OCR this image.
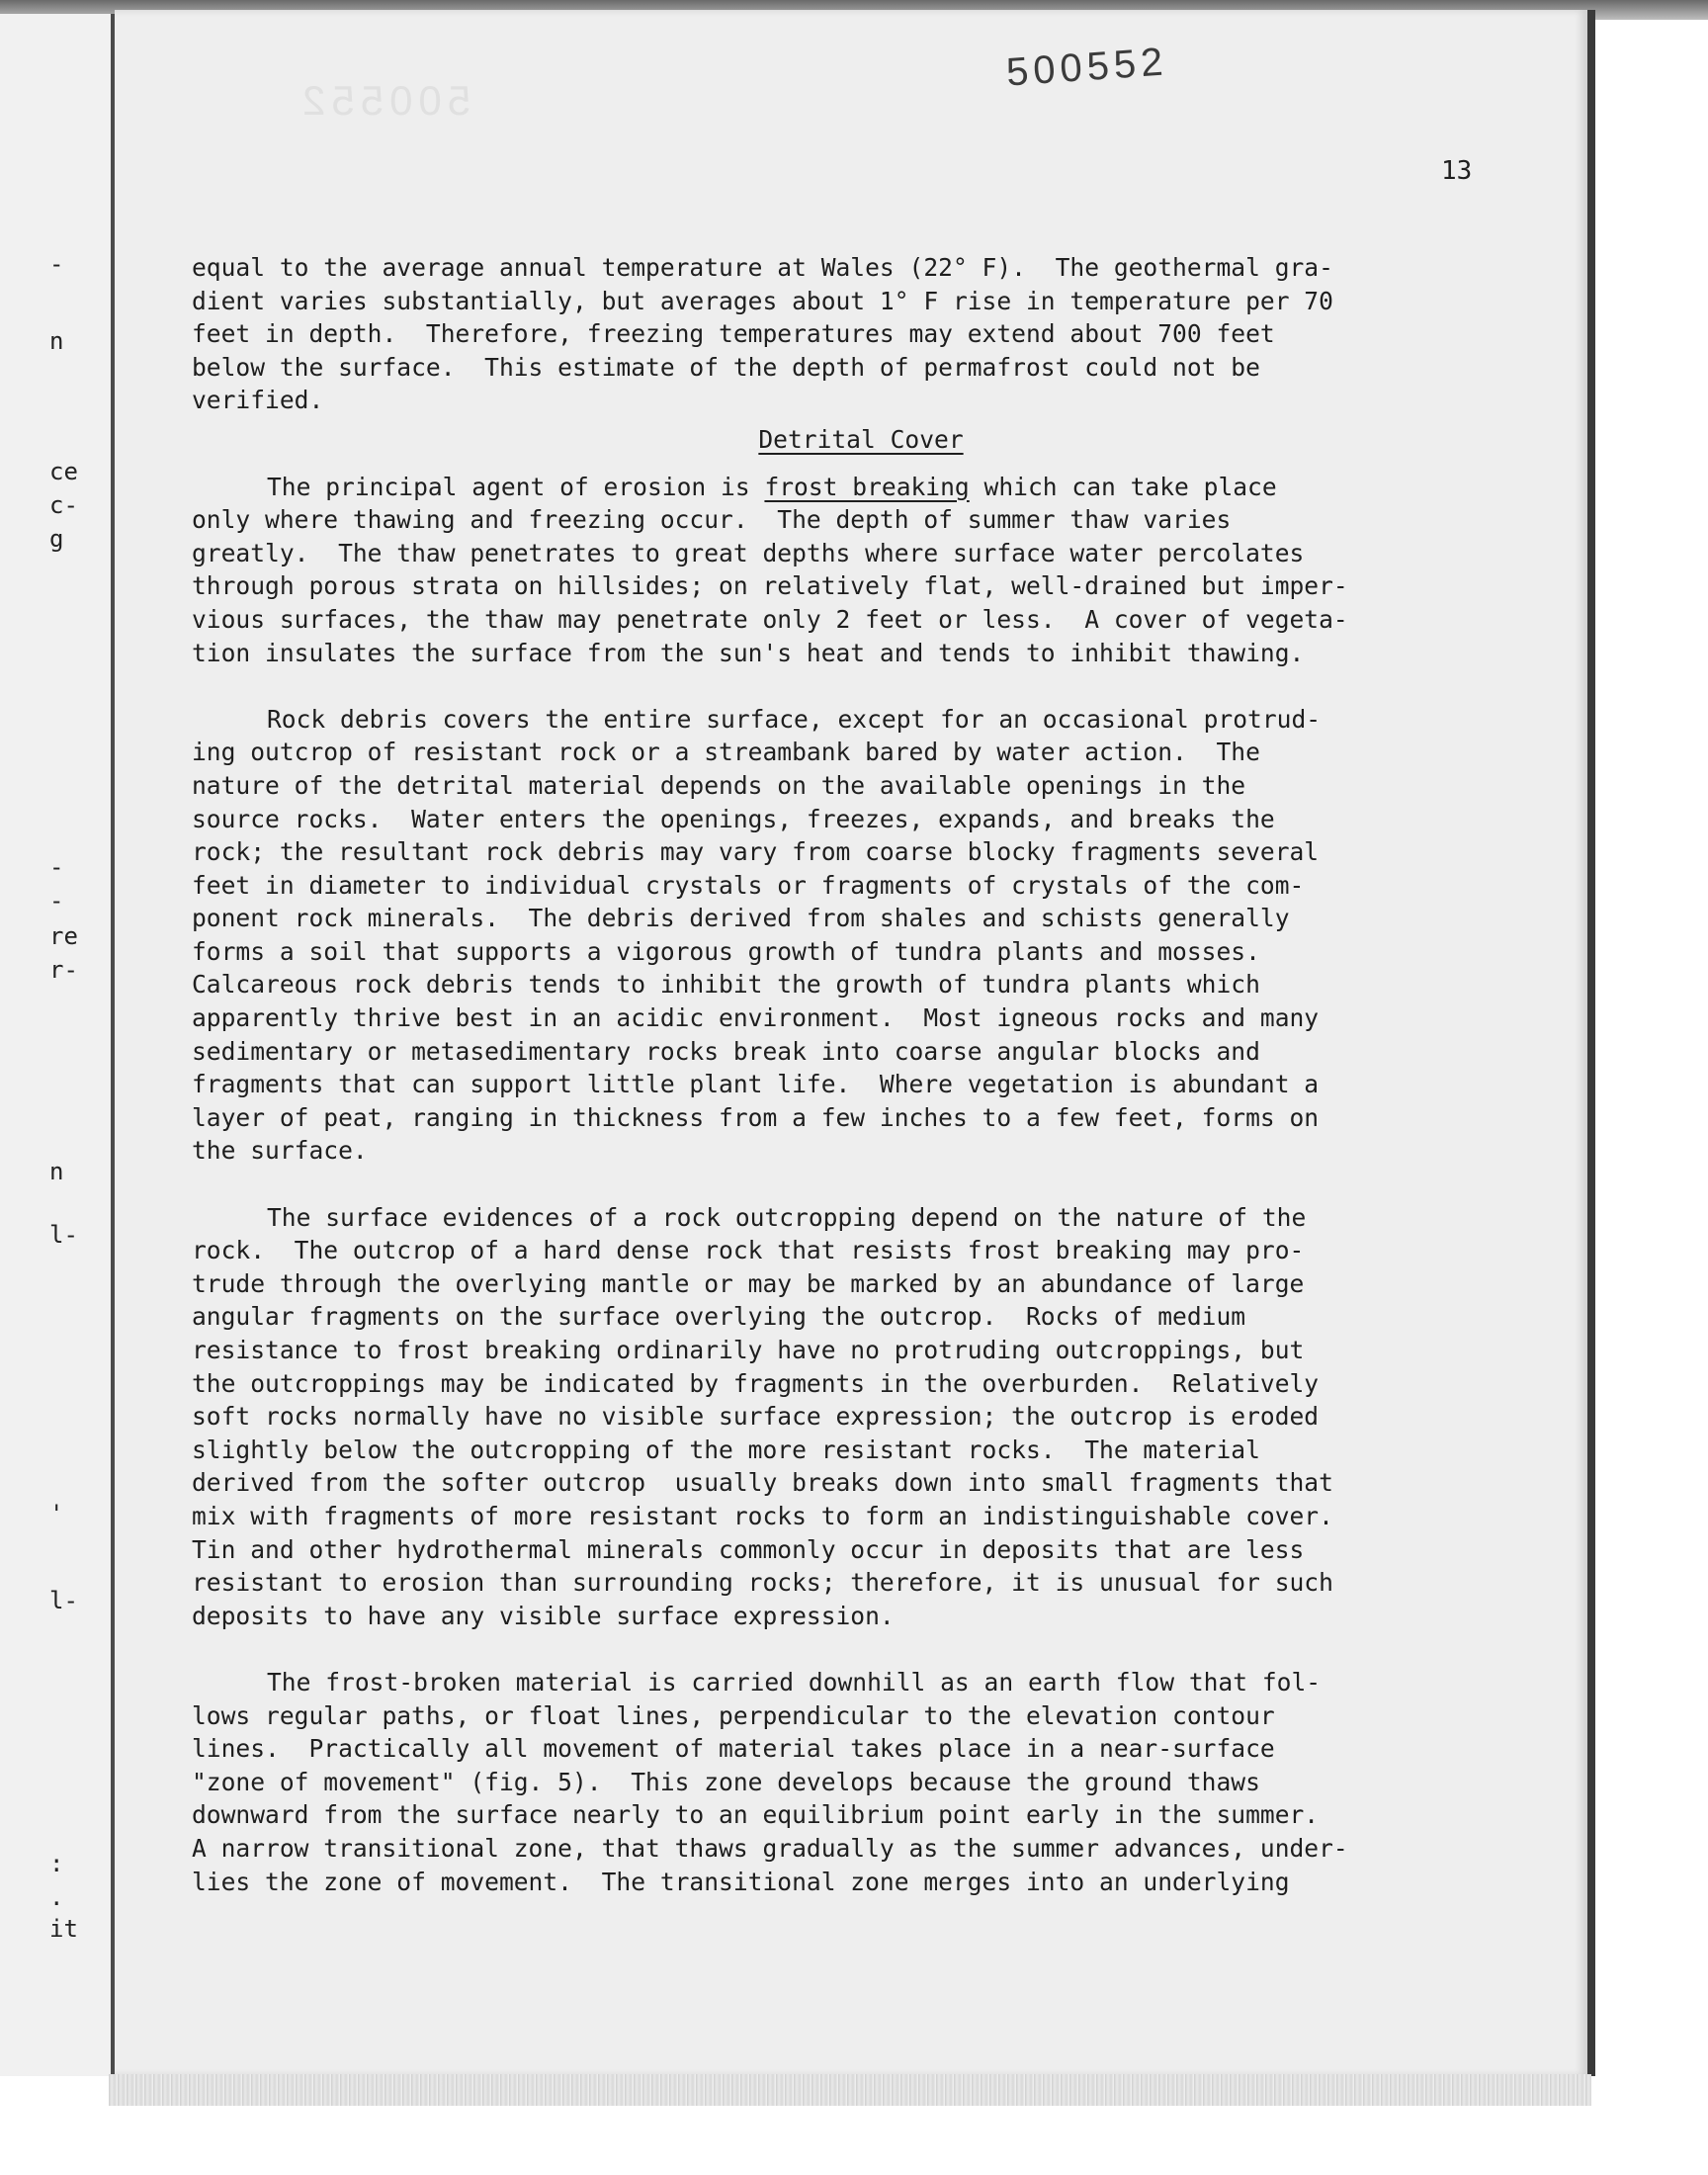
-
n
ce
c-
g
-
-
re
r-
n
l-
'
l-
:
.
it
500552
500552
13
equal to the average annual temperature at Wales (22° F).  The geothermal gra-
dient varies substantially, but averages about 1° F rise in temperature per 70
feet in depth.  Therefore, freezing temperatures may extend about 700 feet
below the surface.  This estimate of the depth of permafrost could not be
verified.
Detrital Cover
The principal agent of erosion is frost breaking which can take place
only where thawing and freezing occur.  The depth of summer thaw varies
greatly.  The thaw penetrates to great depths where surface water percolates
through porous strata on hillsides; on relatively flat, well-drained but imper-
vious surfaces, the thaw may penetrate only 2 feet or less.  A cover of vegeta-
tion insulates the surface from the sun's heat and tends to inhibit thawing.
Rock debris covers the entire surface, except for an occasional protrud-
ing outcrop of resistant rock or a streambank bared by water action.  The
nature of the detrital material depends on the available openings in the
source rocks.  Water enters the openings, freezes, expands, and breaks the
rock; the resultant rock debris may vary from coarse blocky fragments several
feet in diameter to individual crystals or fragments of crystals of the com-
ponent rock minerals.  The debris derived from shales and schists generally
forms a soil that supports a vigorous growth of tundra plants and mosses.
Calcareous rock debris tends to inhibit the growth of tundra plants which
apparently thrive best in an acidic environment.  Most igneous rocks and many
sedimentary or metasedimentary rocks break into coarse angular blocks and
fragments that can support little plant life.  Where vegetation is abundant a
layer of peat, ranging in thickness from a few inches to a few feet, forms on
the surface.
The surface evidences of a rock outcropping depend on the nature of the
rock.  The outcrop of a hard dense rock that resists frost breaking may pro-
trude through the overlying mantle or may be marked by an abundance of large
angular fragments on the surface overlying the outcrop.  Rocks of medium
resistance to frost breaking ordinarily have no protruding outcroppings, but
the outcroppings may be indicated by fragments in the overburden.  Relatively
soft rocks normally have no visible surface expression; the outcrop is eroded
slightly below the outcropping of the more resistant rocks.  The material
derived from the softer outcrop  usually breaks down into small fragments that
mix with fragments of more resistant rocks to form an indistinguishable cover.
Tin and other hydrothermal minerals commonly occur in deposits that are less
resistant to erosion than surrounding rocks; therefore, it is unusual for such
deposits to have any visible surface expression.
The frost-broken material is carried downhill as an earth flow that fol-
lows regular paths, or float lines, perpendicular to the elevation contour
lines.  Practically all movement of material takes place in a near-surface
"zone of movement" (fig. 5).  This zone develops because the ground thaws
downward from the surface nearly to an equilibrium point early in the summer.
A narrow transitional zone, that thaws gradually as the summer advances, under-
lies the zone of movement.  The transitional zone merges into an underlying
